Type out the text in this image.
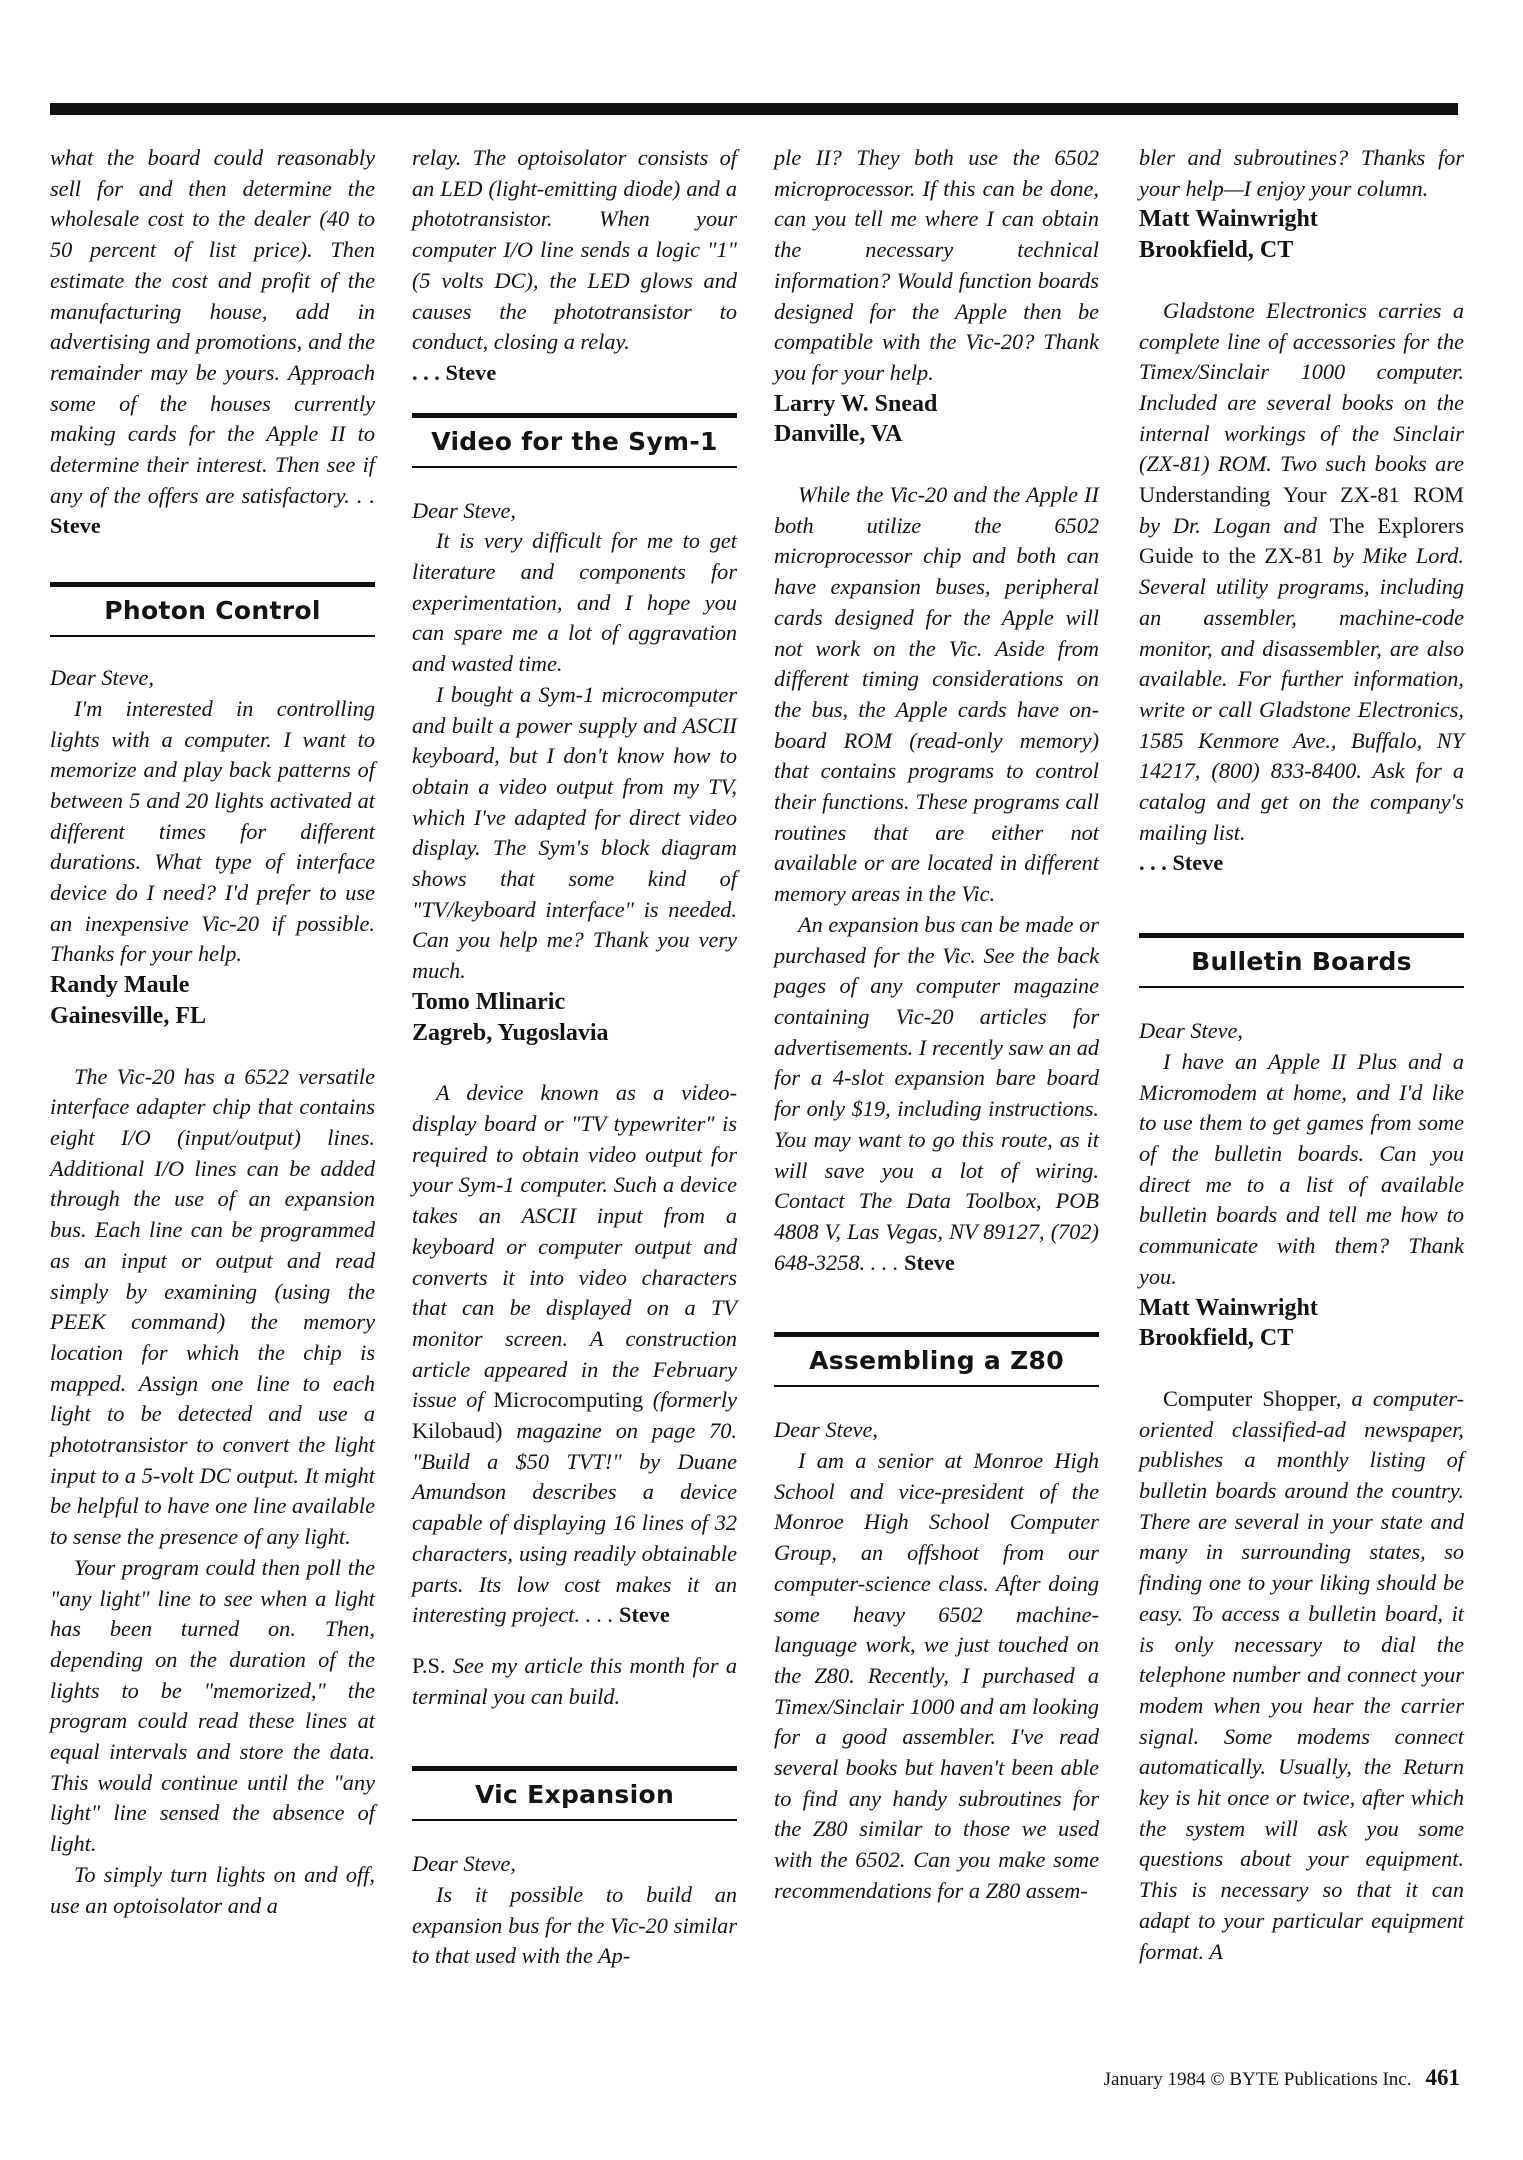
what the board could reasonably sell for and then determine the wholesale cost to the dealer (40 to 50 percent of list price). Then estimate the cost and profit of the manufacturing house, add in advertising and promotions, and the remainder may be yours. Approach some of the houses currently making cards for the Apple II to determine their interest. Then see if any of the offers are satisfactory. . . Steve

Photon Control

Dear Steve,

I'm interested in controlling lights with a computer. I want to memorize and play back patterns of between 5 and 20 lights activated at different times for different durations. What type of interface device do I need? I'd prefer to use an inexpensive Vic-20 if possible. Thanks for your help.

Randy Maule

Gainesville, FL

The Vic-20 has a 6522 versatile interface adapter chip that contains eight I/O (input/output) lines. Additional I/O lines can be added through the use of an expansion bus. Each line can be programmed as an input or output and read simply by examining (using the PEEK command) the memory location for which the chip is mapped. Assign one line to each light to be detected and use a phototransistor to convert the light input to a 5-volt DC output. It might be helpful to have one line available to sense the presence of any light.

Your program could then poll the "any light" line to see when a light has been turned on. Then, depending on the duration of the lights to be "memorized," the program could read these lines at equal intervals and store the data. This would continue until the "any light" line sensed the absence of light.

To simply turn lights on and off, use an optoisolator and a

relay. The optoisolator consists of an LED (light-emitting diode) and a phototransistor. When your computer I/O line sends a logic "1" (5 volts DC), the LED glows and causes the phototransistor to conduct, closing a relay.

. . . Steve

Video for the Sym-1

Dear Steve,

It is very difficult for me to get literature and components for experimentation, and I hope you can spare me a lot of aggravation and wasted time.

I bought a Sym-1 microcomputer and built a power supply and ASCII keyboard, but I don't know how to obtain a video output from my TV, which I've adapted for direct video display. The Sym's block diagram shows that some kind of "TV/keyboard interface" is needed. Can you help me? Thank you very much.

Tomo Mlinaric

Zagreb, Yugoslavia

A device known as a video-display board or "TV typewriter" is required to obtain video output for your Sym-1 computer. Such a device takes an ASCII input from a keyboard or computer output and converts it into video characters that can be displayed on a TV monitor screen. A construction article appeared in the February issue of Microcomputing (formerly Kilobaud) magazine on page 70. "Build a $50 TVT!" by Duane Amundson describes a device capable of displaying 16 lines of 32 characters, using readily obtainable parts. Its low cost makes it an interesting project. . . . Steve

P.S. See my article this month for a terminal you can build.

Vic Expansion

Dear Steve,

Is it possible to build an expansion bus for the Vic-20 similar to that used with the Ap-

ple II? They both use the 6502 microprocessor. If this can be done, can you tell me where I can obtain the necessary technical information? Would function boards designed for the Apple then be compatible with the Vic-20? Thank you for your help.

Larry W. Snead

Danville, VA

While the Vic-20 and the Apple II both utilize the 6502 microprocessor chip and both can have expansion buses, peripheral cards designed for the Apple will not work on the Vic. Aside from different timing considerations on the bus, the Apple cards have on-board ROM (read-only memory) that contains programs to control their functions. These programs call routines that are either not available or are located in different memory areas in the Vic.

An expansion bus can be made or purchased for the Vic. See the back pages of any computer magazine containing Vic-20 articles for advertisements. I recently saw an ad for a 4-slot expansion bare board for only $19, including instructions. You may want to go this route, as it will save you a lot of wiring. Contact The Data Toolbox, POB 4808 V, Las Vegas, NV 89127, (702) 648-3258. . . . Steve

Assembling a Z80

Dear Steve,

I am a senior at Monroe High School and vice-president of the Monroe High School Computer Group, an offshoot from our computer-science class. After doing some heavy 6502 machine-language work, we just touched on the Z80. Recently, I purchased a Timex/Sinclair 1000 and am looking for a good assembler. I've read several books but haven't been able to find any handy subroutines for the Z80 similar to those we used with the 6502. Can you make some recommendations for a Z80 assem-

bler and subroutines? Thanks for your help—I enjoy your column.

Matt Wainwright

Brookfield, CT

Gladstone Electronics carries a complete line of accessories for the Timex/Sinclair 1000 computer. Included are several books on the internal workings of the Sinclair (ZX-81) ROM. Two such books are Understanding Your ZX-81 ROM by Dr. Logan and The Explorers Guide to the ZX-81 by Mike Lord. Several utility programs, including an assembler, machine-code monitor, and disassembler, are also available. For further information, write or call Gladstone Electronics, 1585 Kenmore Ave., Buffalo, NY 14217, (800) 833-8400. Ask for a catalog and get on the company's mailing list.

. . . Steve

Bulletin Boards

Dear Steve,

I have an Apple II Plus and a Micromodem at home, and I'd like to use them to get games from some of the bulletin boards. Can you direct me to a list of available bulletin boards and tell me how to communicate with them? Thank you.

Matt Wainwright

Brookfield, CT

Computer Shopper, a computer-oriented classified-ad newspaper, publishes a monthly listing of bulletin boards around the country. There are several in your state and many in surrounding states, so finding one to your liking should be easy. To access a bulletin board, it is only necessary to dial the telephone number and connect your modem when you hear the carrier signal. Some modems connect automatically. Usually, the Return key is hit once or twice, after which the system will ask you some questions about your equipment. This is necessary so that it can adapt to your particular equipment format. A

January 1984 © BYTE Publications Inc. 461
